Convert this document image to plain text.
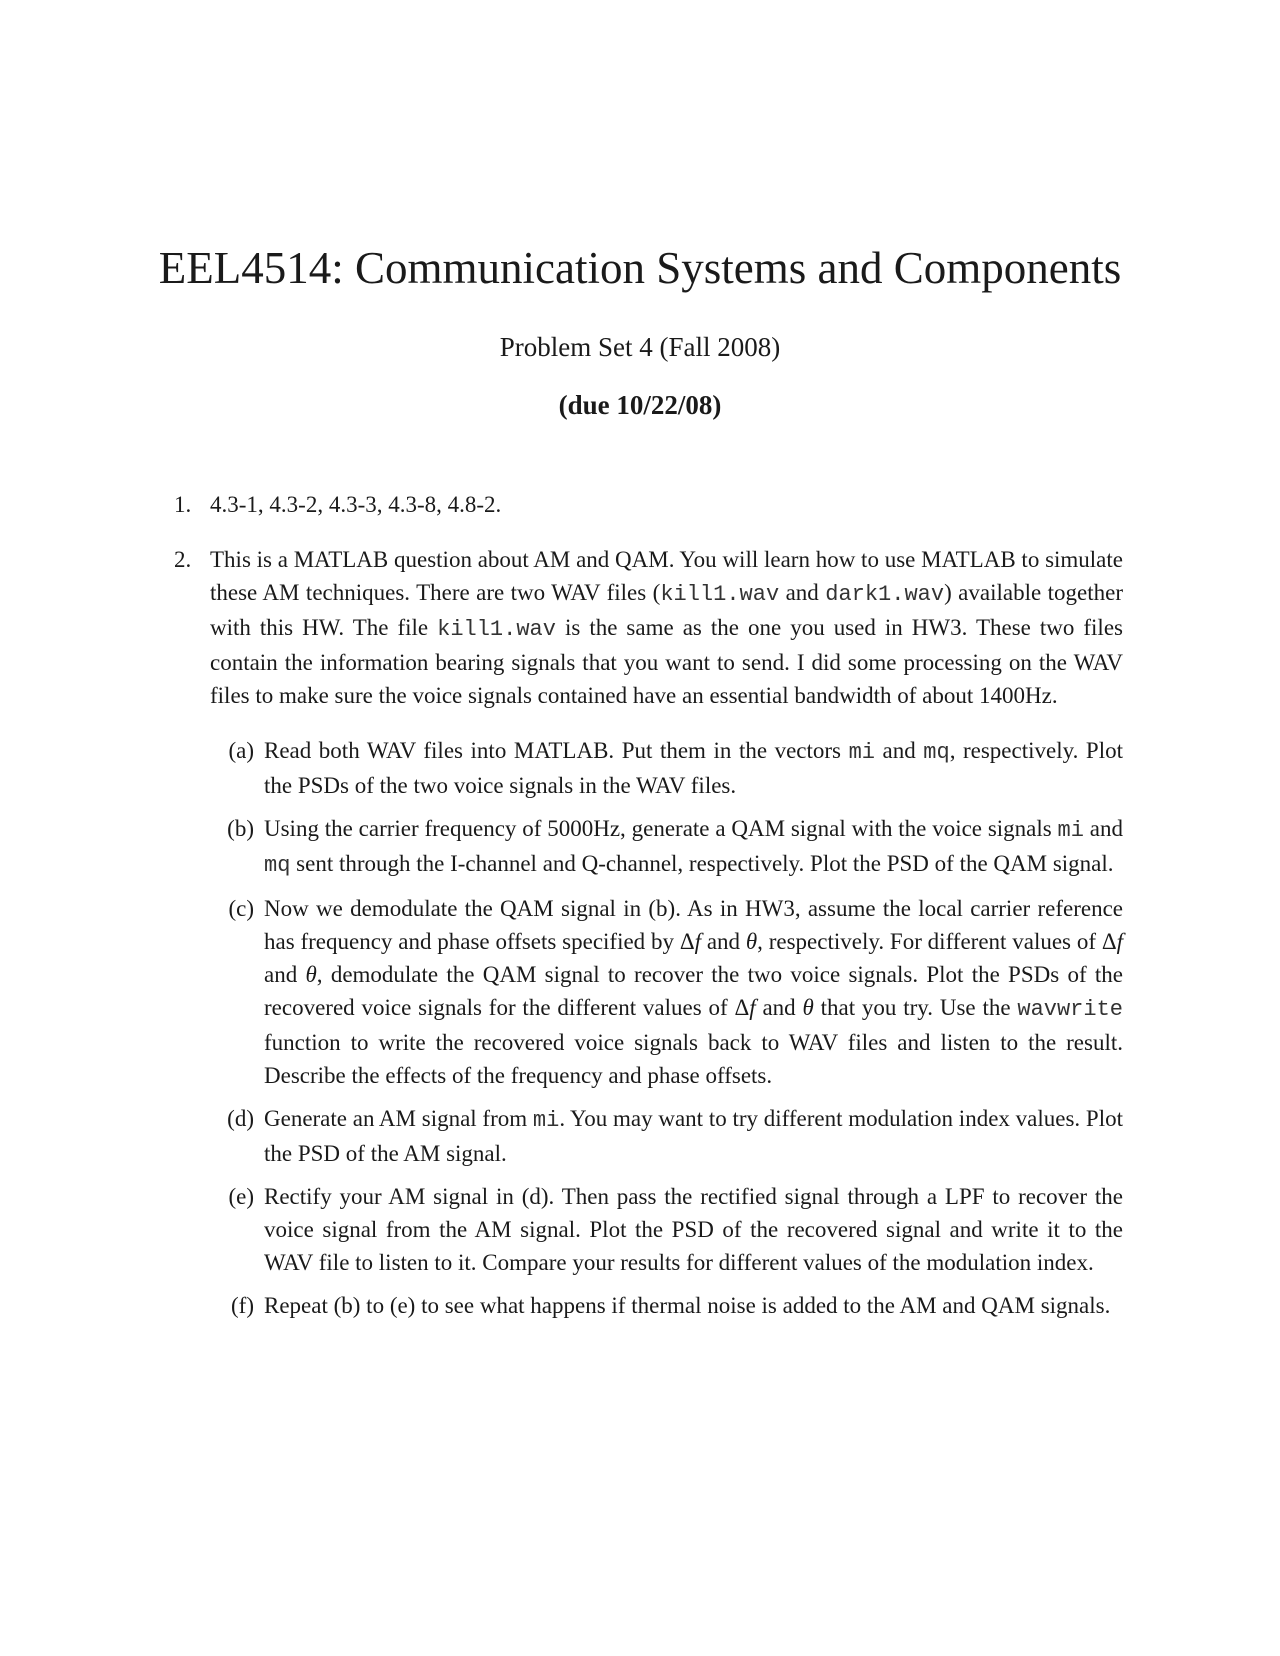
EEL4514: Communication Systems and Components
Problem Set 4 (Fall 2008)
(due 10/22/08)
1. 4.3-1, 4.3-2, 4.3-3, 4.3-8, 4.8-2.
2. This is a MATLAB question about AM and QAM. You will learn how to use MATLAB to simulate these AM techniques. There are two WAV files (kill1.wav and dark1.wav) available together with this HW. The file kill1.wav is the same as the one you used in HW3. These two files contain the information bearing signals that you want to send. I did some processing on the WAV files to make sure the voice signals contained have an essential bandwidth of about 1400Hz.
(a) Read both WAV files into MATLAB. Put them in the vectors mi and mq, respectively. Plot the PSDs of the two voice signals in the WAV files.
(b) Using the carrier frequency of 5000Hz, generate a QAM signal with the voice signals mi and mq sent through the I-channel and Q-channel, respectively. Plot the PSD of the QAM signal.
(c) Now we demodulate the QAM signal in (b). As in HW3, assume the local carrier reference has frequency and phase offsets specified by Δf and θ, respectively. For different values of Δf and θ, demodulate the QAM signal to recover the two voice signals. Plot the PSDs of the recovered voice signals for the different values of Δf and θ that you try. Use the wavwrite function to write the recovered voice signals back to WAV files and listen to the result. Describe the effects of the frequency and phase offsets.
(d) Generate an AM signal from mi. You may want to try different modulation index values. Plot the PSD of the AM signal.
(e) Rectify your AM signal in (d). Then pass the rectified signal through a LPF to recover the voice signal from the AM signal. Plot the PSD of the recovered signal and write it to the WAV file to listen to it. Compare your results for different values of the modulation index.
(f) Repeat (b) to (e) to see what happens if thermal noise is added to the AM and QAM signals.
